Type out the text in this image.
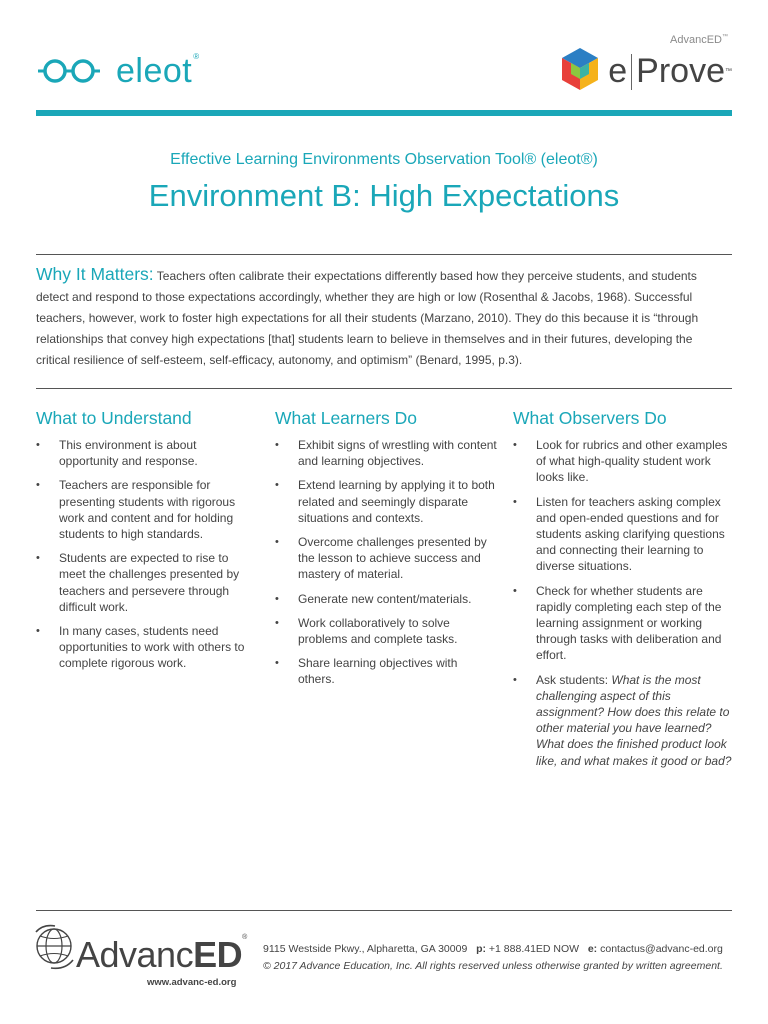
eleot®
AdvancED™
e Prove ™
Effective Learning Environments Observation Tool® (eleot®)
Environment B: High Expectations
Why It Matters: Teachers often calibrate their expectations differently based how they perceive students, and students detect and respond to those expectations accordingly, whether they are high or low (Rosenthal & Jacobs, 1968). Successful teachers, however, work to foster high expectations for all their students (Marzano, 2010). They do this because it is “through relationships that convey high expectations [that] students learn to believe in themselves and in their futures, developing the critical resilience of self-esteem, self-efficacy, autonomy, and optimism” (Benard, 1995, p.3).
What to Understand
• This environment is about opportunity and response.
• Teachers are responsible for presenting students with rigorous work and content and for holding students to high standards.
• Students are expected to rise to meet the challenges presented by teachers and persevere through difficult work.
• In many cases, students need opportunities to work with others to complete rigorous work.
What Learners Do
• Exhibit signs of wrestling with content and learning objectives.
• Extend learning by applying it to both related and seemingly disparate situations and contexts.
• Overcome challenges presented by the lesson to achieve success and mastery of material.
• Generate new content/materials.
• Work collaboratively to solve problems and complete tasks.
• Share learning objectives with others.
What Observers Do
• Look for rubrics and other examples of what high-quality student work looks like.
• Listen for teachers asking complex and open-ended questions and for students asking clarifying questions and connecting their learning to diverse situations.
• Check for whether students are rapidly completing each step of the learning assignment or working through tasks with deliberation and effort.
• Ask students: What is the most challenging aspect of this assignment? How does this relate to other material you have learned? What does the finished product look like, and what makes it good or bad?
AdvancED®
www.advanc-ed.org
9115 Westside Pkwy., Alpharetta, GA 30009 p: +1 888.41ED NOW e: contactus@advanc-ed.org
© 2017 Advance Education, Inc. All rights reserved unless otherwise granted by written agreement.
